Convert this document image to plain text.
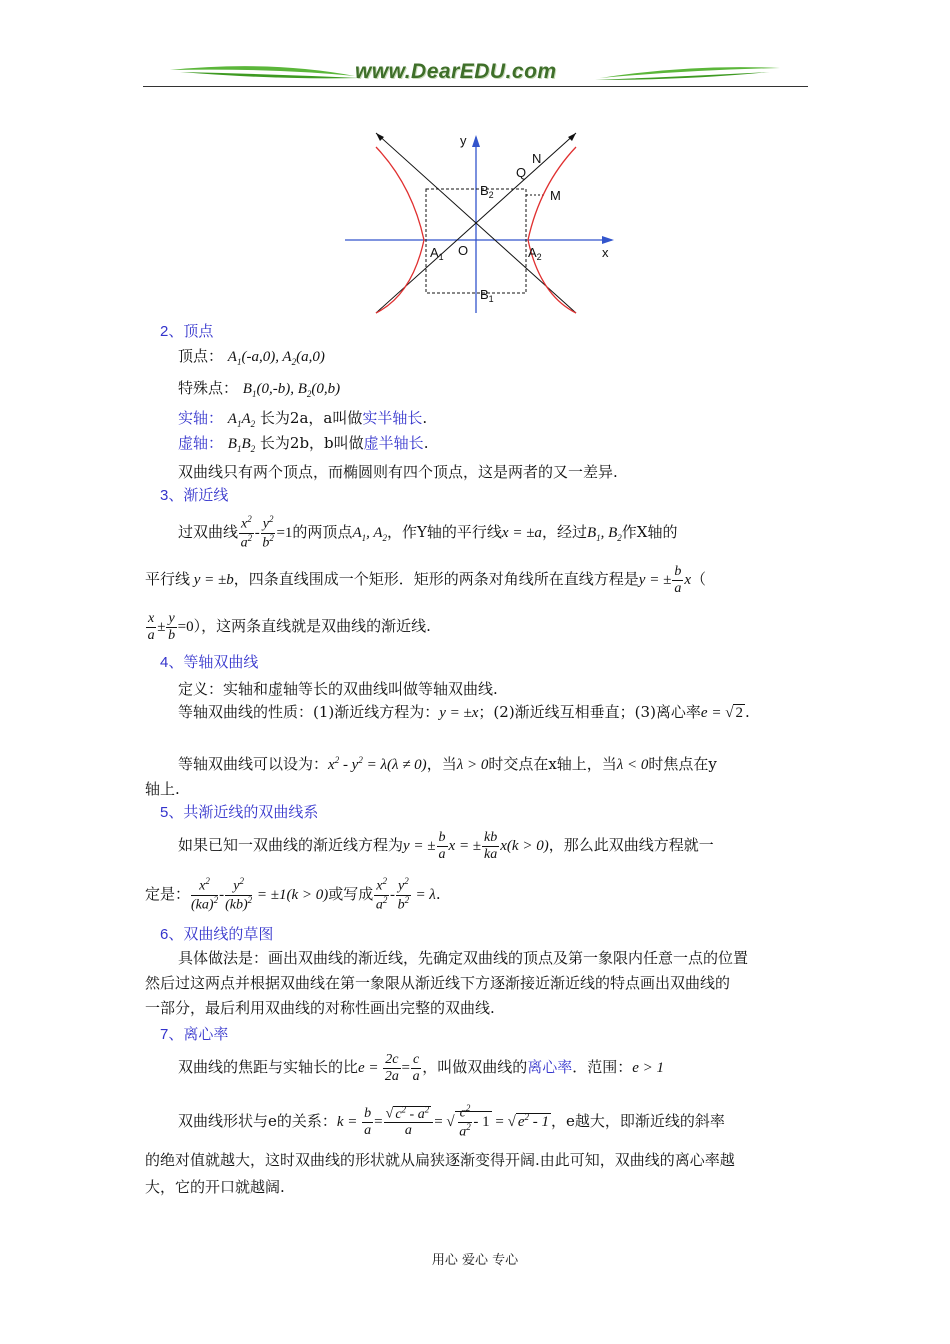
www.DearEDU.com
y
x
O
Q
N
M
$A_1$	$A_2$
$B_1$
$B_2$
2、顶点
顶点： $A_1(-a,0)$, $A_2(a,0)$
特殊点： $B_1(0,-b)$, $B_2(0,b)$
实轴： $A_1A_2$ 长为2a，a叫做实半轴长.
虚轴： $B_1B_2$ 长为2b，b叫做虚半轴长.
双曲线只有两个顶点，而椭圆则有四个顶点，这是两者的又一差异.
3、渐近线
过双曲线 $\frac{x^2}{a^2} - \frac{y^2}{b^2} =1$的两顶点$A_1$, $A_2$，作Y轴的平行线x = ±a，经过$B_1$, $B_2$作X轴的
平行线 y = ±b，四条直线围成一个矩形．矩形的两条对角线所在直线方程是y = ± $\frac{b}{a} x$（
$\frac{x}{a} \pm \frac{y}{b} =0$），这两条直线就是双曲线的渐近线.
4、等轴双曲线
定义：实轴和虚轴等长的双曲线叫做等轴双曲线.
等轴双曲线的性质：(1)渐近线方程为：y = ±x；(2)渐近线互相垂直；(3)离心率e = √ 2 .
等轴双曲线可以设为：$x^2 - y^2 = \lambda(\lambda \ne 0)$，当λ > 0时交点在x轴上，当λ < 0时焦点在y
轴上.
5、共渐近线的双曲线系
如果已知一双曲线的渐近线方程为y = ± $\frac{b}{a}$ x = ± $\frac{kb}{ka} x(k > 0)$，那么此双曲线方程就一
定是： $\frac{x^2}{(ka)^2} - \frac{y^2}{(kb)^2} = \pm 1(k > 0)$或写成 $\frac{x^2}{a^2} - \frac{y^2}{b^2} = \lambda$.
6、双曲线的草图
具体做法是：画出双曲线的渐近线，先确定双曲线的顶点及第一象限内任意一点的位置
然后过这两点并根据双曲线在第一象限从渐近线下方逐渐接近渐近线的特点画出双曲线的
一部分，最后利用双曲线的对称性画出完整的双曲线.
7、离心率
双曲线的焦距与实轴长的比$e = \frac{2c}{2a} = \frac{c}{a}$ ，叫做双曲线的离心率．范围：e > 1
双曲线形状与e的关系：$k = \frac{b}{a} = \frac{√ c^2 - a^2}{a}$ = √ $\frac{c^2}{a^2} - 1$ = √ $e^2 - 1$ ，e越大，即渐近线的斜率
的绝对值就越大，这时双曲线的形状就从扁狭逐渐变得开阔.由此可知，双曲线的离心率越
大，它的开口就越阔.
用心 爱心 专心
